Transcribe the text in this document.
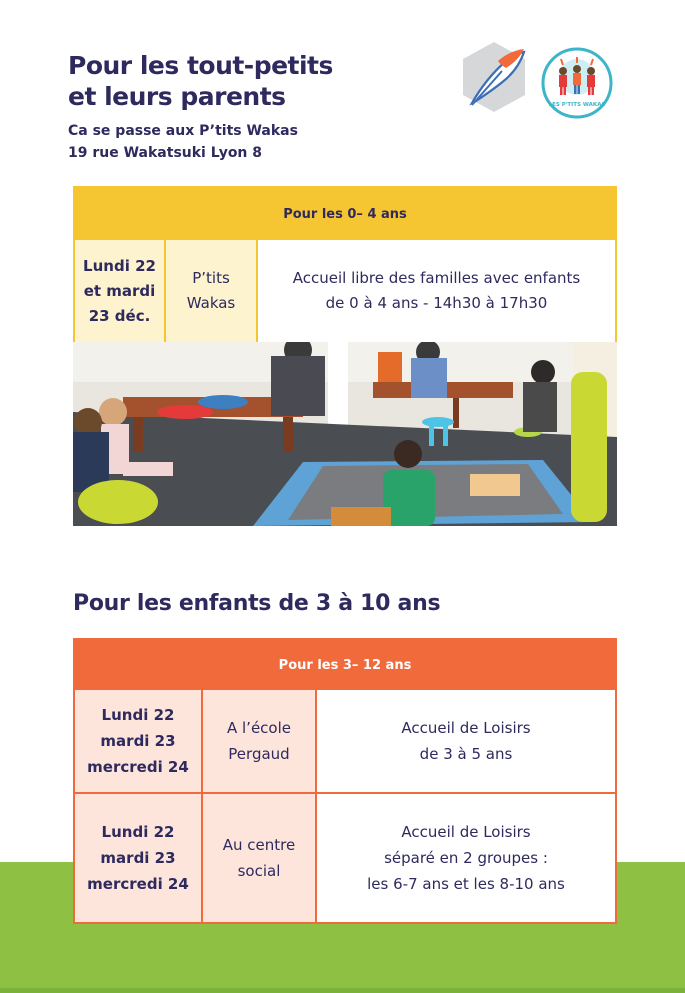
Pour les tout-petits
et leurs parents
Ca se passe aux P’tits Wakas
19 rue Wakatsuki Lyon 8
LES P'TITS WAKAS
Pour les 0– 4 ans
Lundi 22
et mardi
23 déc.
P’tits
Wakas
Accueil libre des familles avec enfants
de 0 à 4 ans - 14h30 à 17h30
Pour les enfants de 3 à 10 ans
Pour les 3– 12 ans
Lundi 22
mardi 23
mercredi 24
A l’école
Pergaud
Accueil de Loisirs
de 3 à 5 ans
Lundi 22
mardi 23
mercredi 24
Au centre
social
Accueil de Loisirs
séparé en 2 groupes :
les 6-7 ans et les 8-10 ans
